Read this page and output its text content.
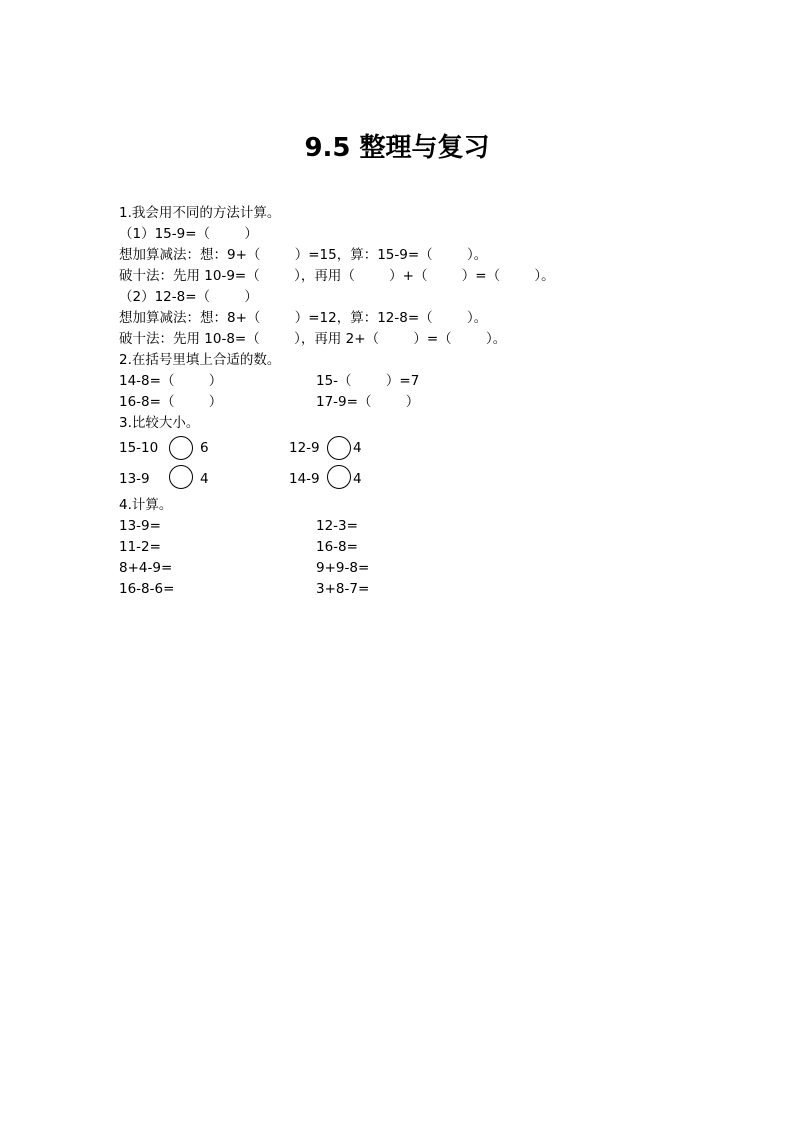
9.5 整理与复习
1.我会用不同的方法计算。
（1）15-9=（        ）
想加算减法：想：9+（        ）=15，算：15-9=（        ）。
破十法：先用 10-9=（        ），再用（        ）+（        ）=（        ）。
（2）12-8=（        ）
想加算减法：想：8+（        ）=12，算：12-8=（        ）。
破十法：先用 10-8=（        ），再用 2+（        ）=（        ）。
2.在括号里填上合适的数。
14-8=（        ）	15-（        ）=7
16-8=（        ）	17-9=（        ）
3.比较大小。
15-10	6	12-9 4
13-9	4	14-9 4
4.计算。
13-9=	12-3=
11-2=	16-8=
8+4-9=	9+9-8=
16-8-6=	3+8-7=
